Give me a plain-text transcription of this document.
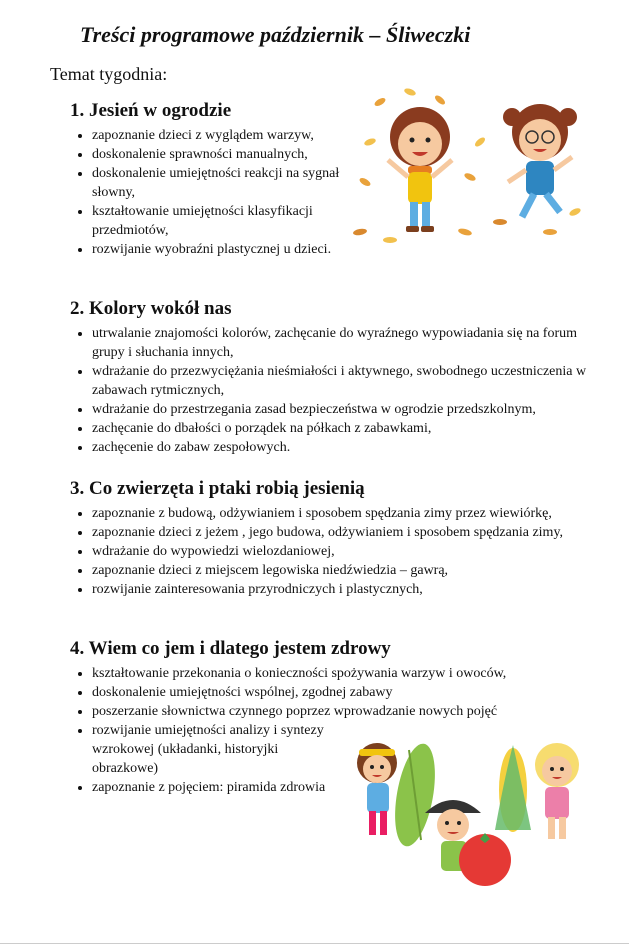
Treści programowe październik – Śliweczki
Temat tygodnia:
1. Jesień w ogrodzie
• zapoznanie dzieci z wyglądem warzyw,
• doskonalenie sprawności manualnych,
• doskonalenie umiejętności reakcji na sygnał słowny,
• kształtowanie umiejętności klasyfikacji przedmiotów,
• rozwijanie wyobraźni plastycznej u dzieci.
2. Kolory wokół nas
• utrwalanie znajomości kolorów, zachęcanie do wyraźnego wypowiadania się na forum grupy i słuchania innych,
• wdrażanie do przezwyciężania nieśmiałości i aktywnego, swobodnego uczestniczenia w zabawach rytmicznych,
• wdrażanie do przestrzegania zasad bezpieczeństwa w ogrodzie przedszkolnym,
• zachęcanie do dbałości o porządek na półkach z zabawkami,
• zachęcenie do zabaw zespołowych.
3. Co zwierzęta i ptaki robią jesienią
• zapoznanie z budową, odżywianiem i sposobem spędzania zimy przez wiewiórkę,
• zapoznanie dzieci z jeżem , jego budowa, odżywianiem i sposobem spędzania zimy,
• wdrażanie do wypowiedzi wielozdaniowej,
• zapoznanie dzieci z miejscem legowiska niedźwiedzia – gawrą,
• rozwijanie zainteresowania przyrodniczych i plastycznych,
4. Wiem co jem i dlatego jestem zdrowy
• kształtowanie przekonania o konieczności spożywania warzyw i owoców,
• doskonalenie umiejętności wspólnej, zgodnej zabawy
• poszerzanie słownictwa czynnego poprzez wprowadzanie nowych pojęć
• rozwijanie umiejętności analizy i syntezy wzrokowej (układanki, historyjki obrazkowe)
• zapoznanie z pojęciem: piramida zdrowia
